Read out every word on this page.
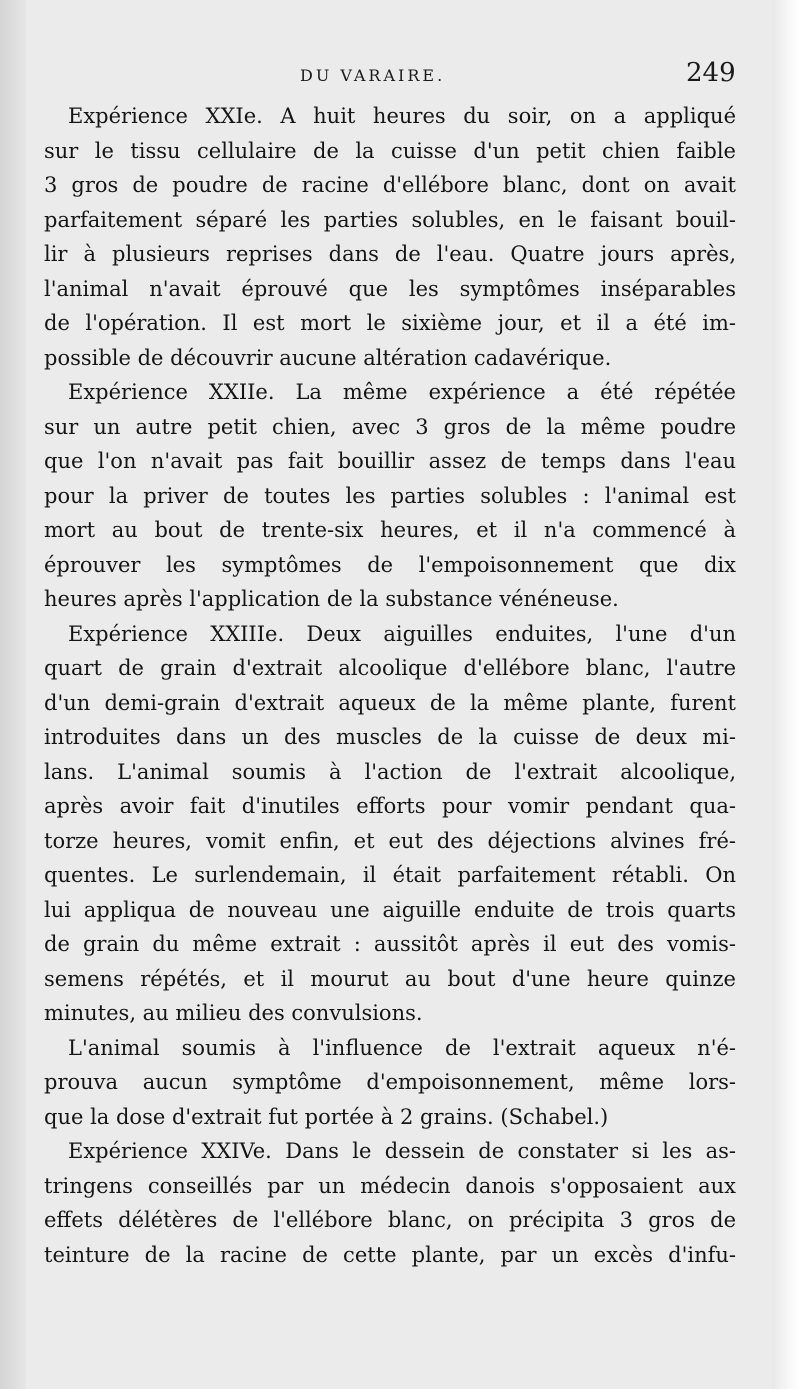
DU VARAIRE.	249
Expérience XXIe. A huit heures du soir, on a appliqué
sur le tissu cellulaire de la cuisse d'un petit chien faible
3 gros de poudre de racine d'ellébore blanc, dont on avait
parfaitement séparé les parties solubles, en le faisant bouil-
lir à plusieurs reprises dans de l'eau. Quatre jours après,
l'animal n'avait éprouvé que les symptômes inséparables
de l'opération. Il est mort le sixième jour, et il a été im-
possible de découvrir aucune altération cadavérique.
Expérience XXIIe. La même expérience a été répétée
sur un autre petit chien, avec 3 gros de la même poudre
que l'on n'avait pas fait bouillir assez de temps dans l'eau
pour la priver de toutes les parties solubles : l'animal est
mort au bout de trente-six heures, et il n'a commencé à
éprouver les symptômes de l'empoisonnement que dix
heures après l'application de la substance vénéneuse.
Expérience XXIIIe. Deux aiguilles enduites, l'une d'un
quart de grain d'extrait alcoolique d'ellébore blanc, l'autre
d'un demi-grain d'extrait aqueux de la même plante, furent
introduites dans un des muscles de la cuisse de deux mi-
lans. L'animal soumis à l'action de l'extrait alcoolique,
après avoir fait d'inutiles efforts pour vomir pendant qua-
torze heures, vomit enfin, et eut des déjections alvines fré-
quentes. Le surlendemain, il était parfaitement rétabli. On
lui appliqua de nouveau une aiguille enduite de trois quarts
de grain du même extrait : aussitôt après il eut des vomis-
semens répétés, et il mourut au bout d'une heure quinze
minutes, au milieu des convulsions.
L'animal soumis à l'influence de l'extrait aqueux n'é-
prouva aucun symptôme d'empoisonnement, même lors-
que la dose d'extrait fut portée à 2 grains. (Schabel.)
Expérience XXIVe. Dans le dessein de constater si les as-
tringens conseillés par un médecin danois s'opposaient aux
effets délétères de l'ellébore blanc, on précipita 3 gros de
teinture de la racine de cette plante, par un excès d'infu-
